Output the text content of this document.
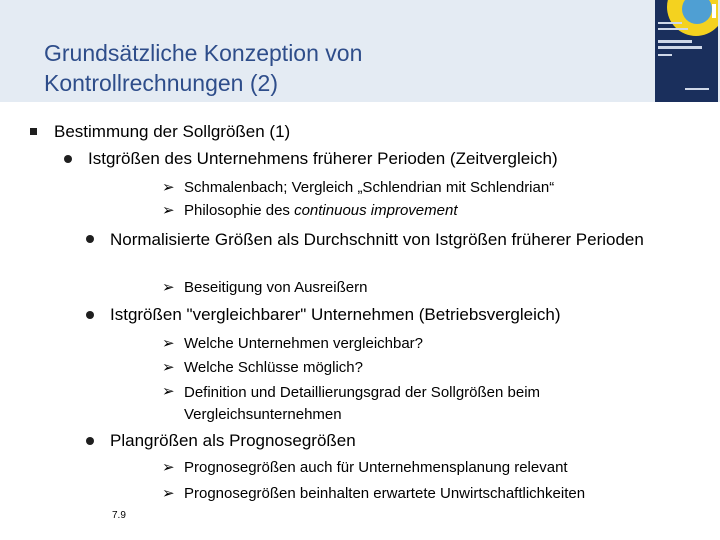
Grundsätzliche Konzeption von
Kontrollrechnungen (2)
Bestimmung der Sollgrößen (1)
Istgrößen des Unternehmens früherer Perioden (Zeitvergleich)
➢ Schmalenbach; Vergleich „Schlendrian mit Schlendrian“
➢ Philosophie des continuous improvement
Normalisierte Größen als Durchschnitt von Istgrößen früherer Perioden
➢ Beseitigung von Ausreißern
Istgrößen "vergleichbarer" Unternehmen (Betriebsvergleich)
➢ Welche Unternehmen vergleichbar?
➢ Welche Schlüsse möglich?
➢ Definition und Detaillierungsgrad der Sollgrößen beim Vergleichsunternehmen
Plangrößen als Prognosegrößen
➢ Prognosegrößen auch für Unternehmensplanung relevant
➢ Prognosegrößen beinhalten erwartete Unwirtschaftlichkeiten
7.9
